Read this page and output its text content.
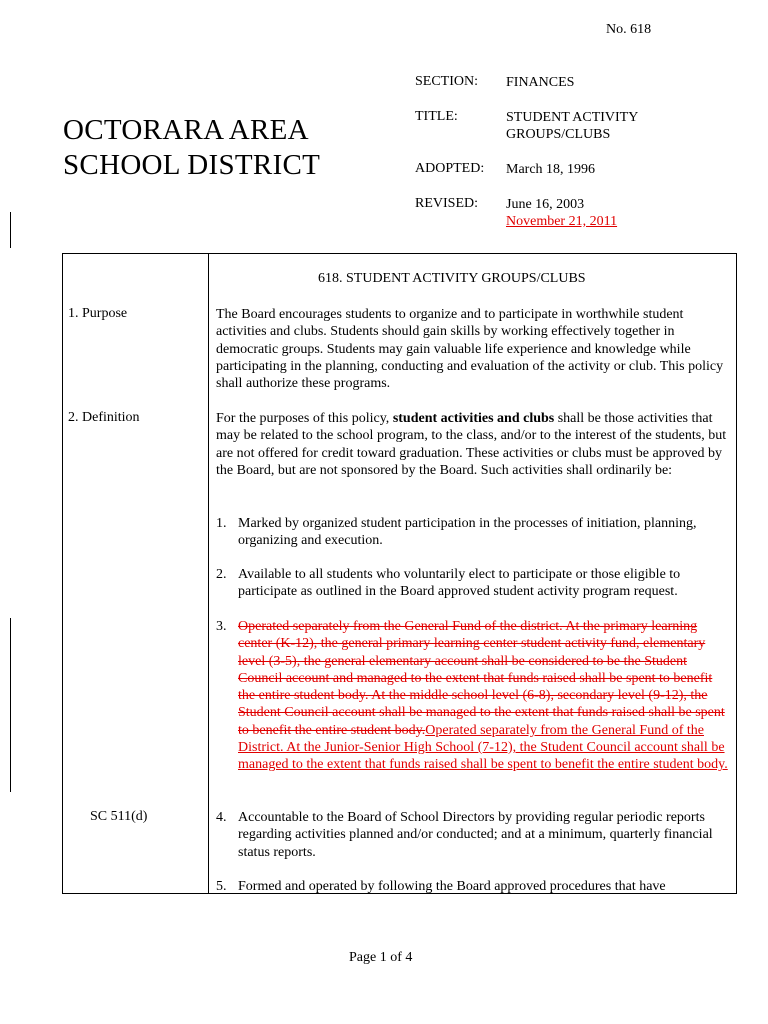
No. 618
OCTORARA AREA
SCHOOL DISTRICT
SECTION: FINANCES
TITLE:	STUDENT ACTIVITY
GROUPS/CLUBS
ADOPTED: March 18, 1996
REVISED: June 16, 2003
November 21, 2011
618. STUDENT ACTIVITY GROUPS/CLUBS
1. Purpose	The Board encourages students to organize and to participate in worthwhile student activities and clubs. Students should gain skills by working effectively together in democratic groups. Students may gain valuable life experience and knowledge while participating in the planning, conducting and evaluation of the activity or club. This policy shall authorize these programs.
2. Definition	For the purposes of this policy, student activities and clubs shall be those activities that may be related to the school program, to the class, and/or to the interest of the students, but are not offered for credit toward graduation. These activities or clubs must be approved by the Board, but are not sponsored by the Board. Such activities shall ordinarily be:
1. Marked by organized student participation in the processes of initiation, planning, organizing and execution.
2. Available to all students who voluntarily elect to participate or those eligible to participate as outlined in the Board approved student activity program request.
3. Operated separately from the General Fund of the district. At the primary learning center (K-12), the general primary learning center student activity fund, elementary level (3-5), the general elementary account shall be considered to be the Student Council account and managed to the extent that funds raised shall be spent to benefit the entire student body. At the middle school level (6-8), secondary level (9-12), the Student Council account shall be managed to the extent that funds raised shall be spent to benefit the entire student body.Operated separately from the General Fund of the District. At the Junior-Senior High School (7-12), the Student Council account shall be managed to the extent that funds raised shall be spent to benefit the entire student body.
SC 511(d)	4. Accountable to the Board of School Directors by providing regular periodic reports regarding activities planned and/or conducted; and at a minimum, quarterly financial status reports.
5. Formed and operated by following the Board approved procedures that have
Page 1 of 4
